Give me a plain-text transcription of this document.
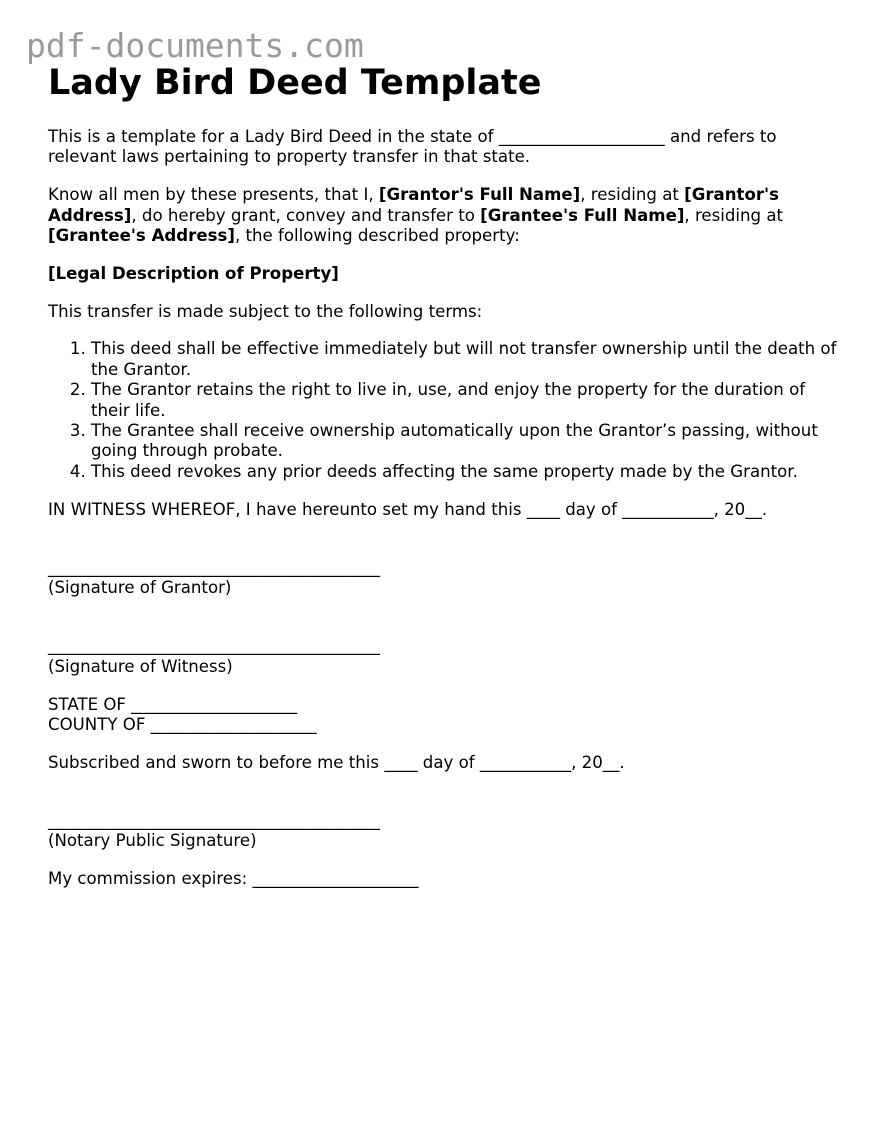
pdf-documents.com
Lady Bird Deed Template

This is a template for a Lady Bird Deed in the state of ____________________ and refers to relevant laws pertaining to property transfer in that state.

Know all men by these presents, that I, [Grantor's Full Name], residing at [Grantor's Address], do hereby grant, convey and transfer to [Grantee's Full Name], residing at [Grantee's Address], the following described property:

[Legal Description of Property]

This transfer is made subject to the following terms:

1. This deed shall be effective immediately but will not transfer ownership until the death of the Grantor.
2. The Grantor retains the right to live in, use, and enjoy the property for the duration of their life.
3. The Grantee shall receive ownership automatically upon the Grantor’s passing, without going through probate.
4. This deed revokes any prior deeds affecting the same property made by the Grantor.

IN WITNESS WHEREOF, I have hereunto set my hand this ____ day of ___________, 20__.

________________________________________
(Signature of Grantor)
________________________________________
(Signature of Witness)
STATE OF ____________________
COUNTY OF ____________________

Subscribed and sworn to before me this ____ day of ___________, 20__.

________________________________________
(Notary Public Signature)

My commission expires: ____________________
